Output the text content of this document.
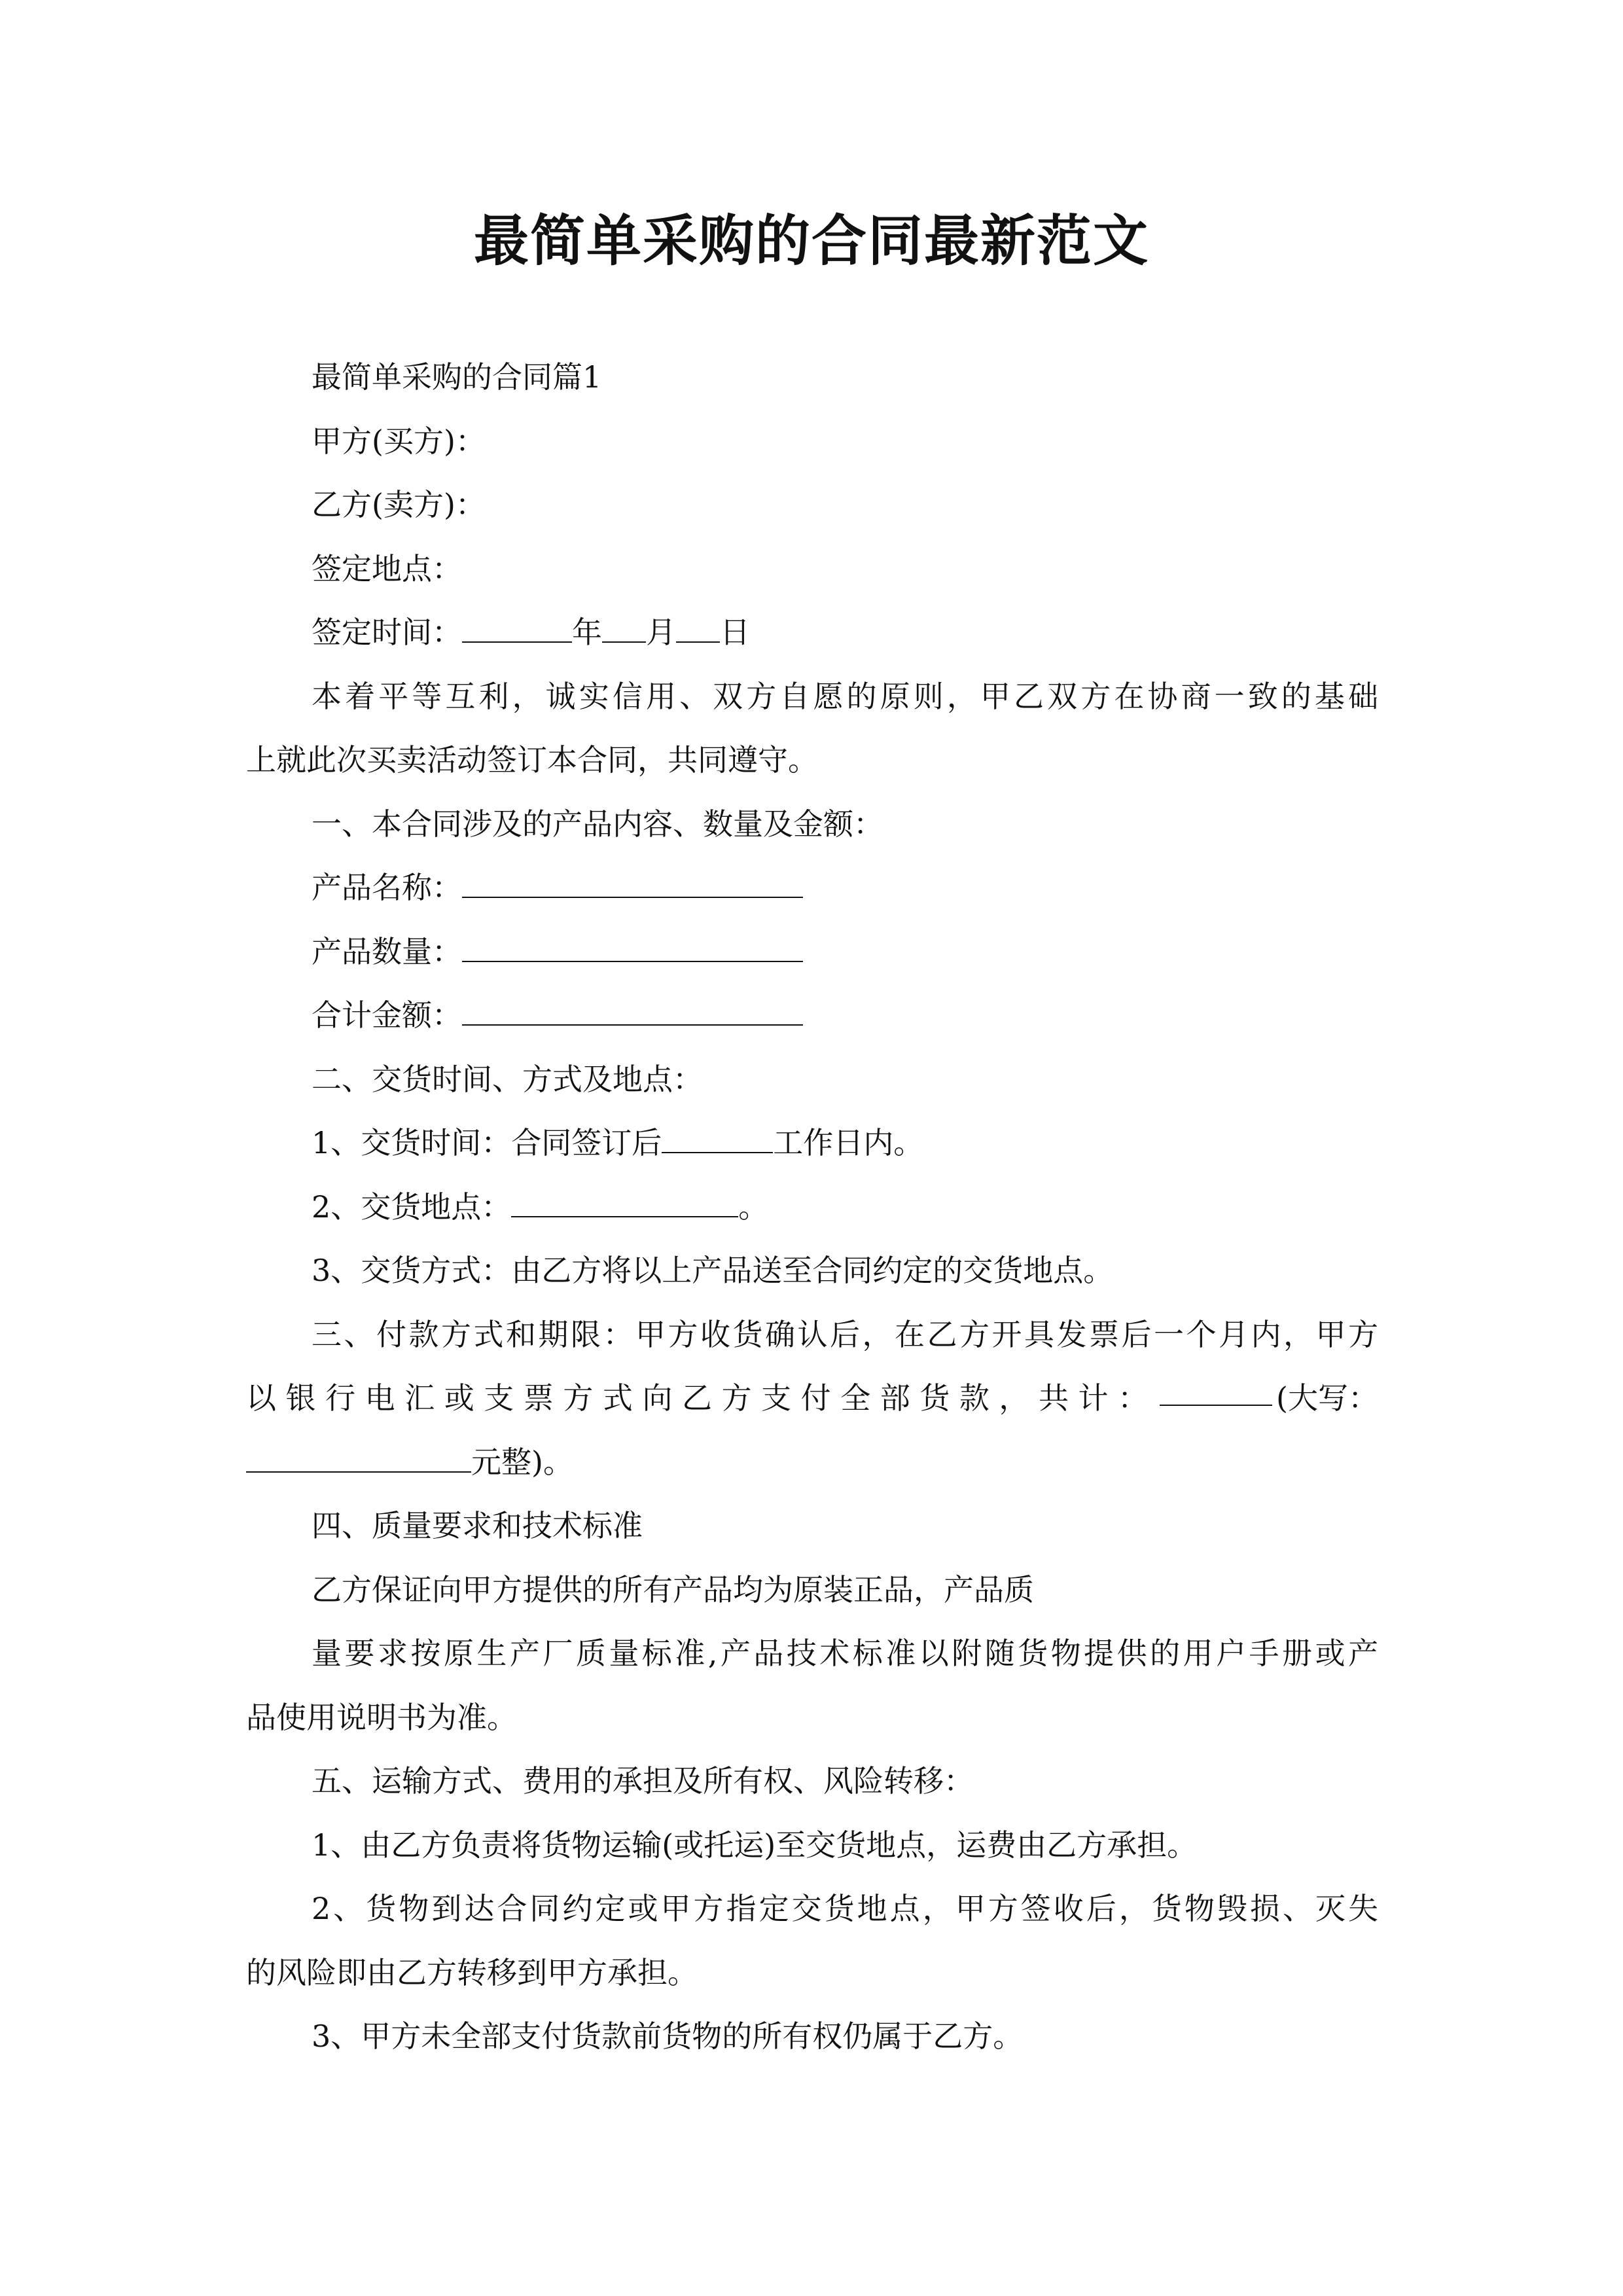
最简单采购的合同最新范文
最简单采购的合同篇1
甲方(买方)：
乙方(卖方)：
签定地点：
签定时间：	年 月 日
本着平等互利，诚实信用、双方自愿的原则，甲乙双方在协商一致的基础
上就此次买卖活动签订本合同，共同遵守。
一、本合同涉及的产品内容、数量及金额：
产品名称：
产品数量：
合计金额：
二、交货时间、方式及地点：
1、交货时间：合同签订后	工作日内。
2、交货地点：	。
3、交货方式：由乙方将以上产品送至合同约定的交货地点。
三、付款方式和期限：甲方收货确认后，在乙方开具发票后一个月内，甲方
以银行电汇或支票方式向乙方支付全部货款，共计：	(大写：
元整)。
四、质量要求和技术标准
乙方保证向甲方提供的所有产品均为原装正品，产品质
量要求按原生产厂质量标准,产品技术标准以附随货物提供的用户手册或产
品使用说明书为准。
五、运输方式、费用的承担及所有权、风险转移：
1、由乙方负责将货物运输(或托运)至交货地点，运费由乙方承担。
2、货物到达合同约定或甲方指定交货地点，甲方签收后，货物毁损、灭失
的风险即由乙方转移到甲方承担。
3、甲方未全部支付货款前货物的所有权仍属于乙方。
